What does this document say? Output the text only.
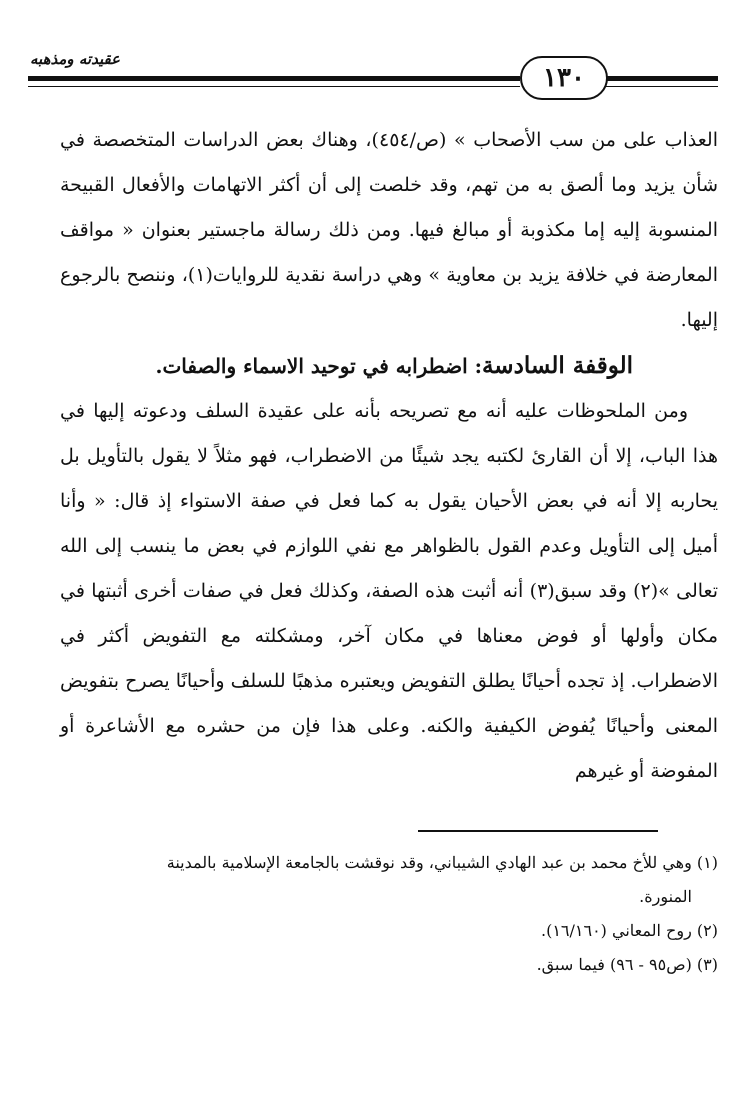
عقيدته ومذهبه
١٣٠

العذاب على من سب الأصحاب » (ص/٤٥٤)، وهناك بعض الدراسات المتخصصة في شأن يزيد وما ألصق به من تهم، وقد خلصت إلى أن أكثر الاتهامات والأفعال القبيحة المنسوبة إليه إما مكذوبة أو مبالغ فيها. ومن ذلك رسالة ماجستير بعنوان « مواقف المعارضة في خلافة يزيد بن معاوية » وهي دراسة نقدية للروايات(١)، وننصح بالرجوع إليها.

الوقفة السادسة: اضطرابه في توحيد الاسماء والصفات.

ومن الملحوظات عليه أنه مع تصريحه بأنه على عقيدة السلف ودعوته إليها في هذا الباب، إلا أن القارئ لكتبه يجد شيئًا من الاضطراب، فهو مثلاً لا يقول بالتأويل بل يحاربه إلا أنه في بعض الأحيان يقول به كما فعل في صفة الاستواء إذ قال: « وأنا أميل إلى التأويل وعدم القول بالظواهر مع نفي اللوازم في بعض ما ينسب إلى الله تعالى »(٢) وقد سبق(٣) أنه أثبت هذه الصفة، وكذلك فعل في صفات أخرى أثبتها في مكان وأولها أو فوض معناها في مكان آخر، ومشكلته مع التفويض أكثر في الاضطراب. إذ تجده أحيانًا يطلق التفويض ويعتبره مذهبًا للسلف وأحيانًا يصرح بتفويض المعنى وأحيانًا يُفوض الكيفية والكنه. وعلى هذا فإن من حشره مع الأشاعرة أو المفوضة أو غيرهم

(١) وهي للأخ محمد بن عبد الهادي الشيباني، وقد نوقشت بالجامعة الإسلامية بالمدينة

المنورة.

(٢) روح المعاني (١٦/١٦٠).

(٣) (ص٩٥ - ٩٦) فيما سبق.
